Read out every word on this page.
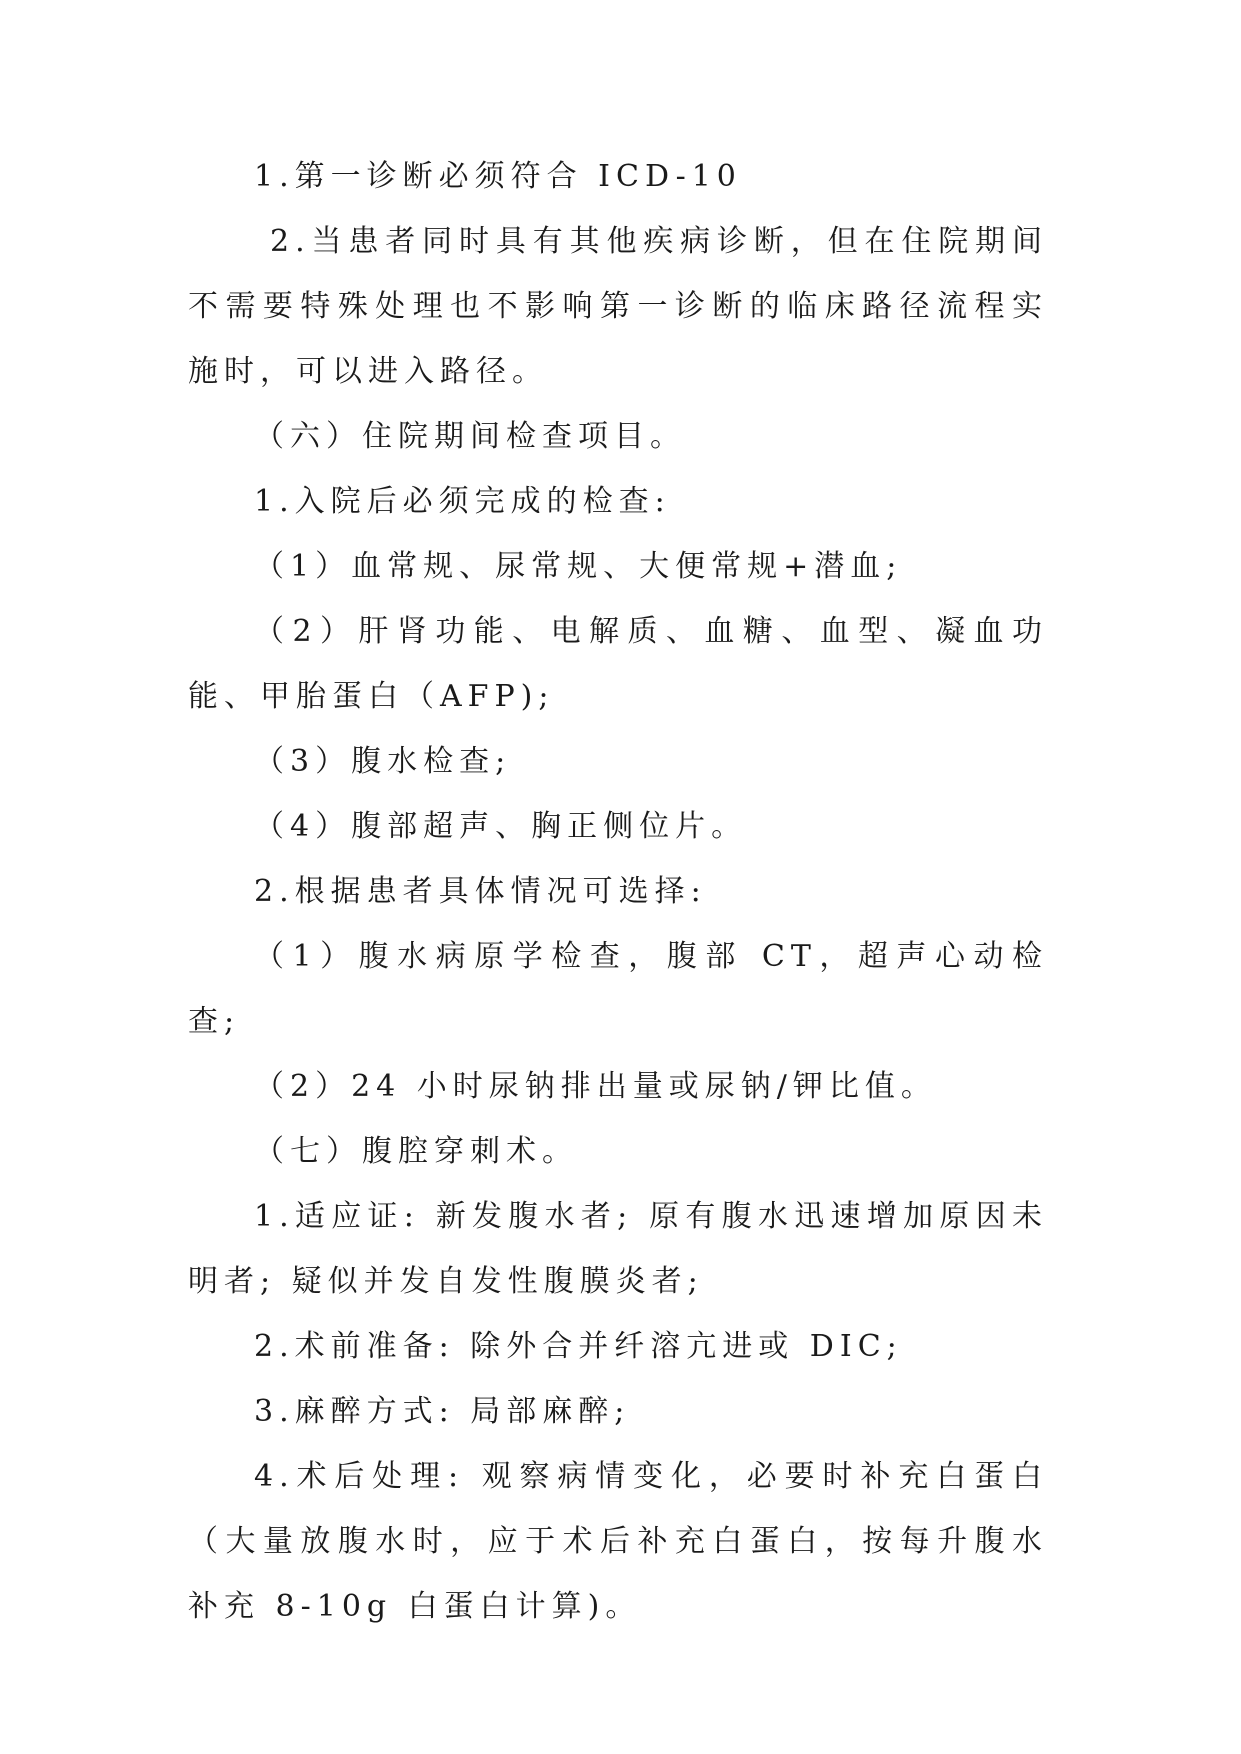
1.第一诊断必须符合 ICD-10

2.当患者同时具有其他疾病诊断，但在住院期间不需要特殊处理也不影响第一诊断的临床路径流程实施时，可以进入路径。

（六）住院期间检查项目。

1.入院后必须完成的检查:

（1）血常规、尿常规、大便常规+潜血;

（2）肝肾功能、电解质、血糖、血型、凝血功能、甲胎蛋白（AFP);

（3）腹水检查;

（4）腹部超声、胸正侧位片。

2.根据患者具体情况可选择:

（1）腹水病原学检查，腹部 CT，超声心动检查;

（2）24 小时尿钠排出量或尿钠/钾比值。

（七）腹腔穿刺术。

1.适应证: 新发腹水者; 原有腹水迅速增加原因未明者; 疑似并发自发性腹膜炎者;

2.术前准备: 除外合并纤溶亢进或 DIC;

3.麻醉方式: 局部麻醉;

4.术后处理: 观察病情变化，必要时补充白蛋白（大量放腹水时，应于术后补充白蛋白，按每升腹水补充 8-10g 白蛋白计算)。
